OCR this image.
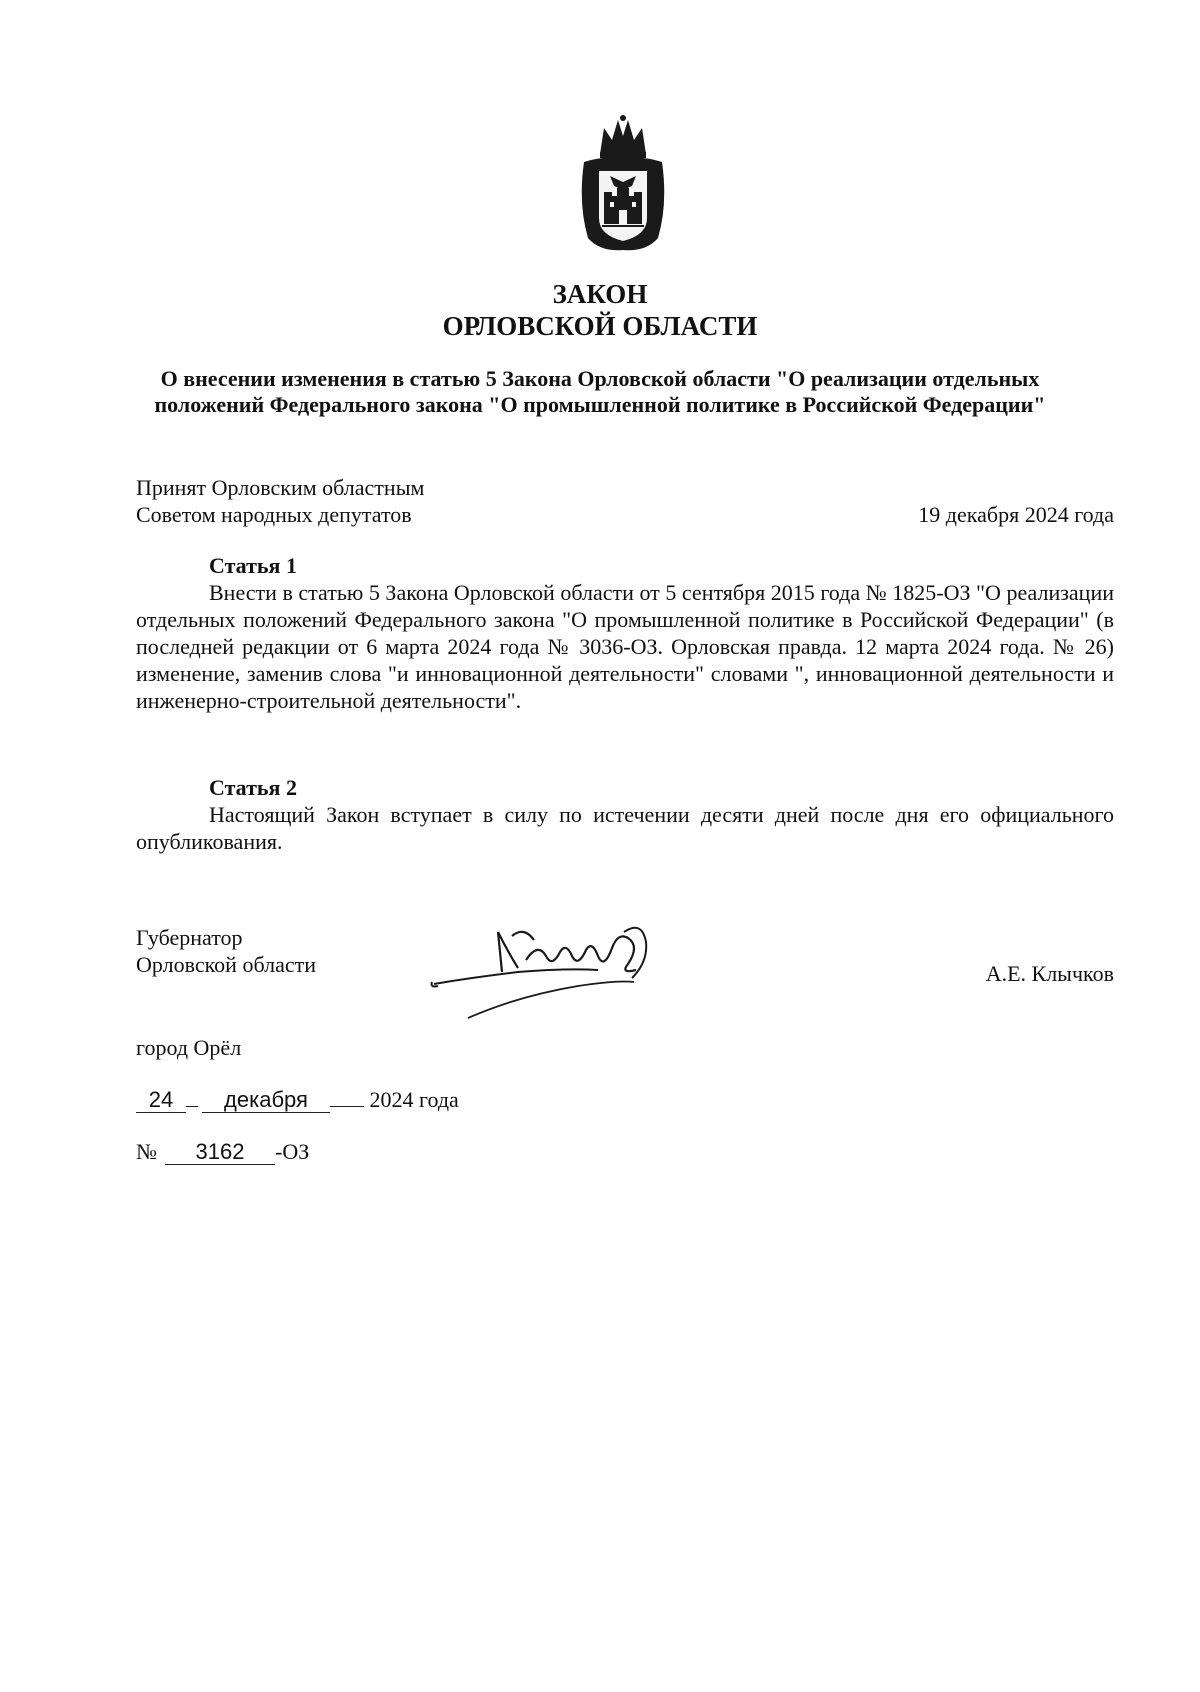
ЗАКОН
ОРЛОВСКОЙ ОБЛАСТИ

О внесении изменения в статью 5 Закона Орловской области "О реализации отдельных положений Федерального закона "О промышленной политике в Российской Федерации"

Принят Орловским областным
Советом народных депутатов	19 декабря 2024 года
Статья 1

Внести в статью 5 Закона Орловской области от 5 сентября 2015 года № 1825-ОЗ "О реализации отдельных положений Федерального закона "О промышленной политике в Российской Федерации" (в последней редакции от 6 марта 2024 года № 3036-ОЗ. Орловская правда. 12 марта 2024 года. № 26) изменение, заменив слова "и инновационной деятельности" словами ", инновационной деятельности и инженерно-строительной деятельности".

Статья 2

Настоящий Закон вступает в силу по истечении десяти дней после дня его официального опубликования.

Губернатор
Орловской области	А.Е. Клычков
город Орёл
24 декабря	2024 года
№ 3162 -ОЗ
